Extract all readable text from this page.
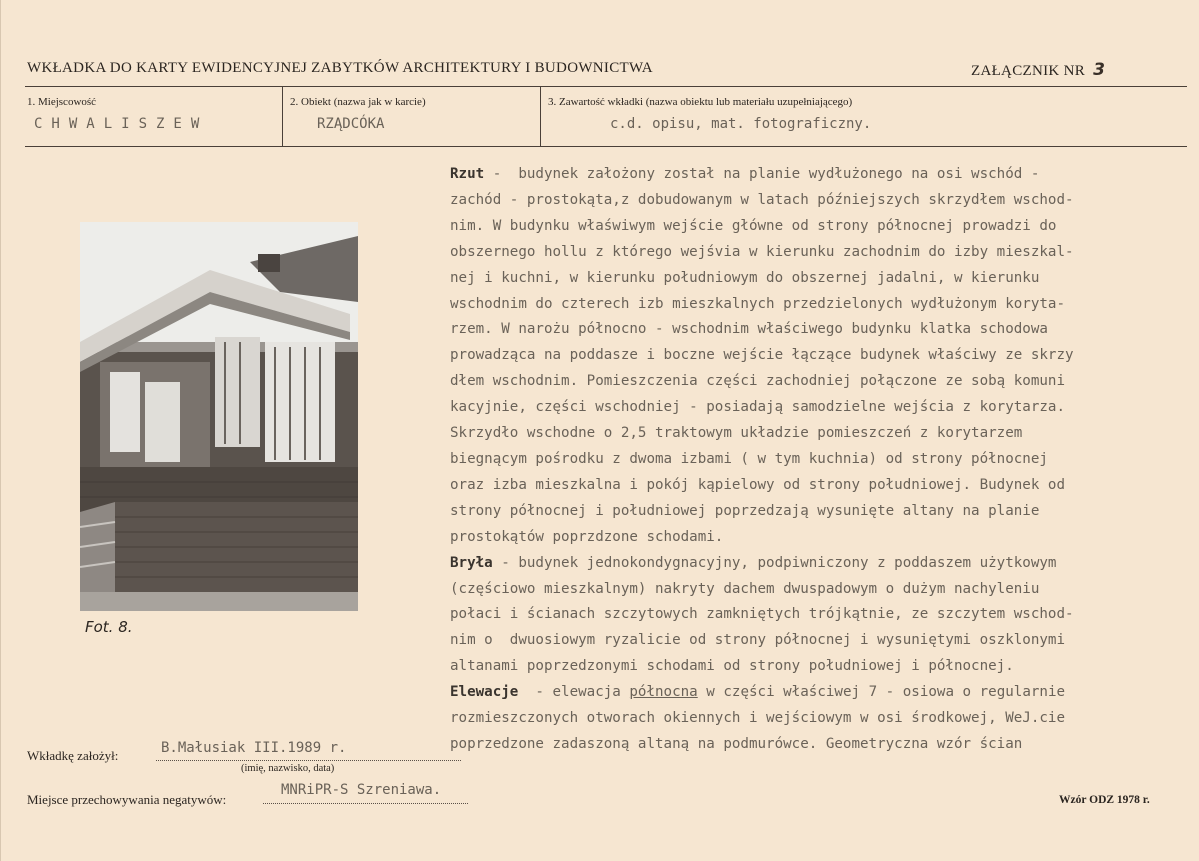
WKŁADKA DO KARTY EWIDENCYJNEJ ZABYTKÓW ARCHITEKTURY I BUDOWNICTWA	ZAŁĄCZNIK NR 3
1. Miejscowość
CHWALISZEW
2. Obiekt (nazwa jak w karcie)
RZĄDCÓKA
3. Zawartość wkładki (nazwa obiektu lub materiału uzupełniającego)
c.d. opisu, mat. fotograficzny.
Fot. 8.
Rzut -  budynek założony został na planie wydłużonego na osi wschód -
zachód - prostokąta,z dobudowanym w latach późniejszych skrzydłem wschod-
nim. W budynku właświwym wejście główne od strony północnej prowadzi do
obszernego hollu z którego wejśvia w kierunku zachodnim do izby mieszkal-
nej i kuchni, w kierunku południowym do obszernej jadalni, w kierunku
wschodnim do czterech izb mieszkalnych przedzielonych wydłużonym koryta-
rzem. W narożu północno - wschodnim właściwego budynku klatka schodowa
prowadząca na poddasze i boczne wejście łączące budynek właściwy ze skrzy
dłem wschodnim. Pomieszczenia części zachodniej połączone ze sobą komuni
kacyjnie, części wschodniej - posiadają samodzielne wejścia z korytarza.
Skrzydło wschodne o 2,5 traktowym układzie pomieszczeń z korytarzem
biegnącym pośrodku z dwoma izbami ( w tym kuchnia) od strony północnej
oraz izba mieszkalna i pokój kąpielowy od strony południowej. Budynek od
strony północnej i południowej poprzedzają wysunięte altany na planie
prostokątów poprzdzone schodami.
Bryła - budynek jednokondygnacyjny, podpiwniczony z poddaszem użytkowym
(częściowo mieszkalnym) nakryty dachem dwuspadowym o dużym nachyleniu
połaci i ścianach szczytowych zamkniętych trójkątnie, ze szczytem wschod-
nim o  dwuosiowym ryzalicie od strony północnej i wysuniętymi oszklonymi
altanami poprzedzonymi schodami od strony południowej i północnej.
Elewacje  - elewacja północna w części właściwej 7 - osiowa o regularnie
rozmieszczonych otworach okiennych i wejściowym w osi środkowej, WeJ.cie
poprzedzone zadaszoną altaną na podmurówce. Geometryczna wzór ścian
Wkładkę założył:	B.Małusiak III.1989 r.
(imię, nazwisko, data)
Miejsce przechowywania negatywów:
MNRiPR-S Szreniawa.
Wzór ODZ 1978 r.
